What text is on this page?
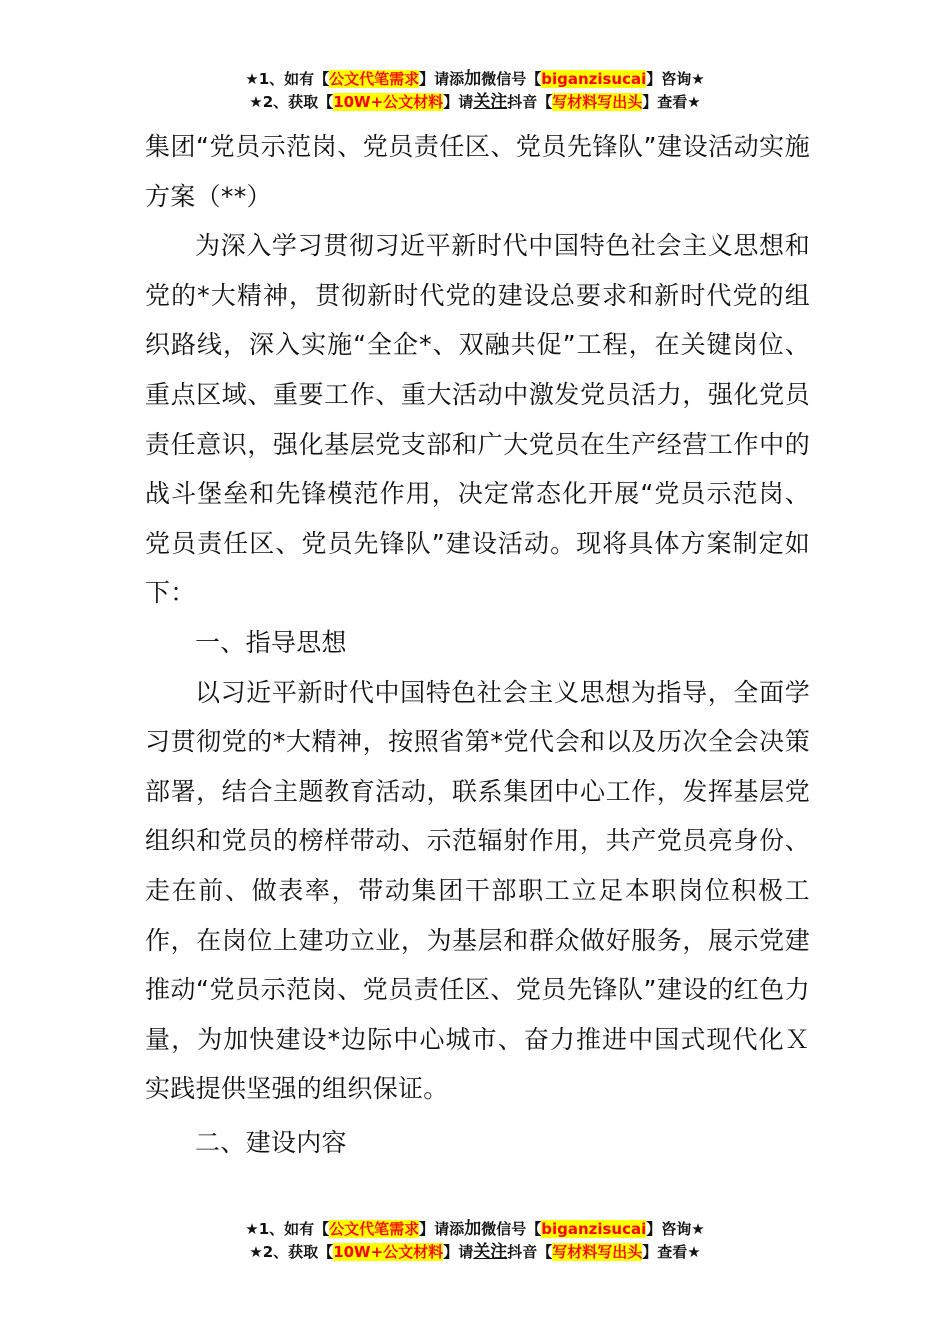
★1、如有【公文代笔需求】请添加微信号【biganzisucai】咨询★
★2、获取【10W+公文材料】请关注抖音【写材料写出头】查看★

集团“党员示范岗、党员责任区、党员先锋队”建设活动实施方案（**）

为深入学习贯彻习近平新时代中国特色社会主义思想和党的*大精神，贯彻新时代党的建设总要求和新时代党的组织路线，深入实施“全企*、双融共促”工程，在关键岗位、重点区域、重要工作、重大活动中激发党员活力，强化党员责任意识，强化基层党支部和广大党员在生产经营工作中的战斗堡垒和先锋模范作用，决定常态化开展“党员示范岗、党员责任区、党员先锋队”建设活动。现将具体方案制定如下：

一、指导思想

以习近平新时代中国特色社会主义思想为指导，全面学习贯彻党的*大精神，按照省第*党代会和以及历次全会决策部署，结合主题教育活动，联系集团中心工作，发挥基层党组织和党员的榜样带动、示范辐射作用，共产党员亮身份、走在前、做表率，带动集团干部职工立足本职岗位积极工作，在岗位上建功立业，为基层和群众做好服务，展示党建推动“党员示范岗、党员责任区、党员先锋队”建设的红色力量，为加快建设*边际中心城市、奋力推进中国式现代化Ｘ实践提供坚强的组织保证。

二、建设内容

★1、如有【公文代笔需求】请添加微信号【biganzisucai】咨询★
★2、获取【10W+公文材料】请关注抖音【写材料写出头】查看★
